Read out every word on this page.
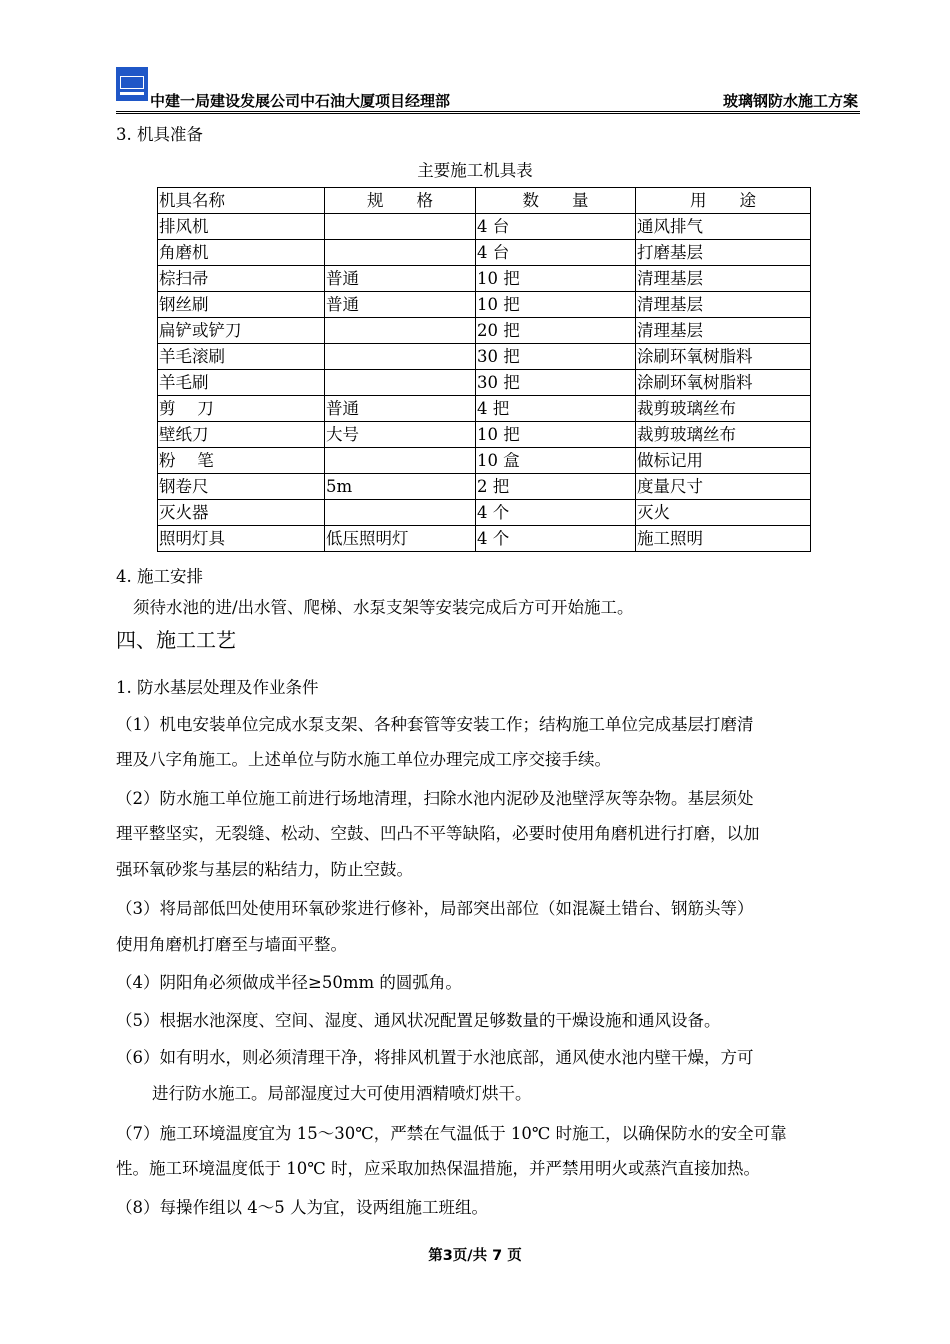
中建一局建设发展公司中石油大厦项目经理部	玻璃钢防水施工方案
3. 机具准备
主要施工机具表
机具名称	规　　格	数　　量	用　　途
排风机		4 台	通风排气
角磨机		4 台	打磨基层
棕扫帚	普通	10 把	清理基层
钢丝刷	普通	10 把	清理基层
扁铲或铲刀		20 把	清理基层
羊毛滚刷		30 把	涂刷环氧树脂料
羊毛刷		30 把	涂刷环氧树脂料
剪　 刀	普通	4 把	裁剪玻璃丝布
壁纸刀	大号	10 把	裁剪玻璃丝布
粉　 笔		10 盒	做标记用
钢卷尺	5m	2 把	度量尺寸
灭火器		4 个	灭火
照明灯具	低压照明灯	4 个	施工照明
4. 施工安排
须待水池的进/出水管、爬梯、水泵支架等安装完成后方可开始施工。
四、施工工艺
1. 防水基层处理及作业条件
（1）机电安装单位完成水泵支架、各种套管等安装工作；结构施工单位完成基层打磨清
理及八字角施工。上述单位与防水施工单位办理完成工序交接手续。
（2）防水施工单位施工前进行场地清理，扫除水池内泥砂及池壁浮灰等杂物。基层须处
理平整坚实，无裂缝、松动、空鼓、凹凸不平等缺陷，必要时使用角磨机进行打磨，以加
强环氧砂浆与基层的粘结力，防止空鼓。
（3）将局部低凹处使用环氧砂浆进行修补，局部突出部位（如混凝土错台、钢筋头等）
使用角磨机打磨至与墙面平整。
（4）阴阳角必须做成半径≥50mm 的圆弧角。
（5）根据水池深度、空间、湿度、通风状况配置足够数量的干燥设施和通风设备。
（6）如有明水，则必须清理干净，将排风机置于水池底部，通风使水池内壁干燥，方可
进行防水施工。局部湿度过大可使用酒精喷灯烘干。
（7）施工环境温度宜为 15～30℃，严禁在气温低于 10℃ 时施工，以确保防水的安全可靠
性。施工环境温度低于 10℃ 时，应采取加热保温措施，并严禁用明火或蒸汽直接加热。
（8）每操作组以 4～5 人为宜，设两组施工班组。
第3页/共 7 页
